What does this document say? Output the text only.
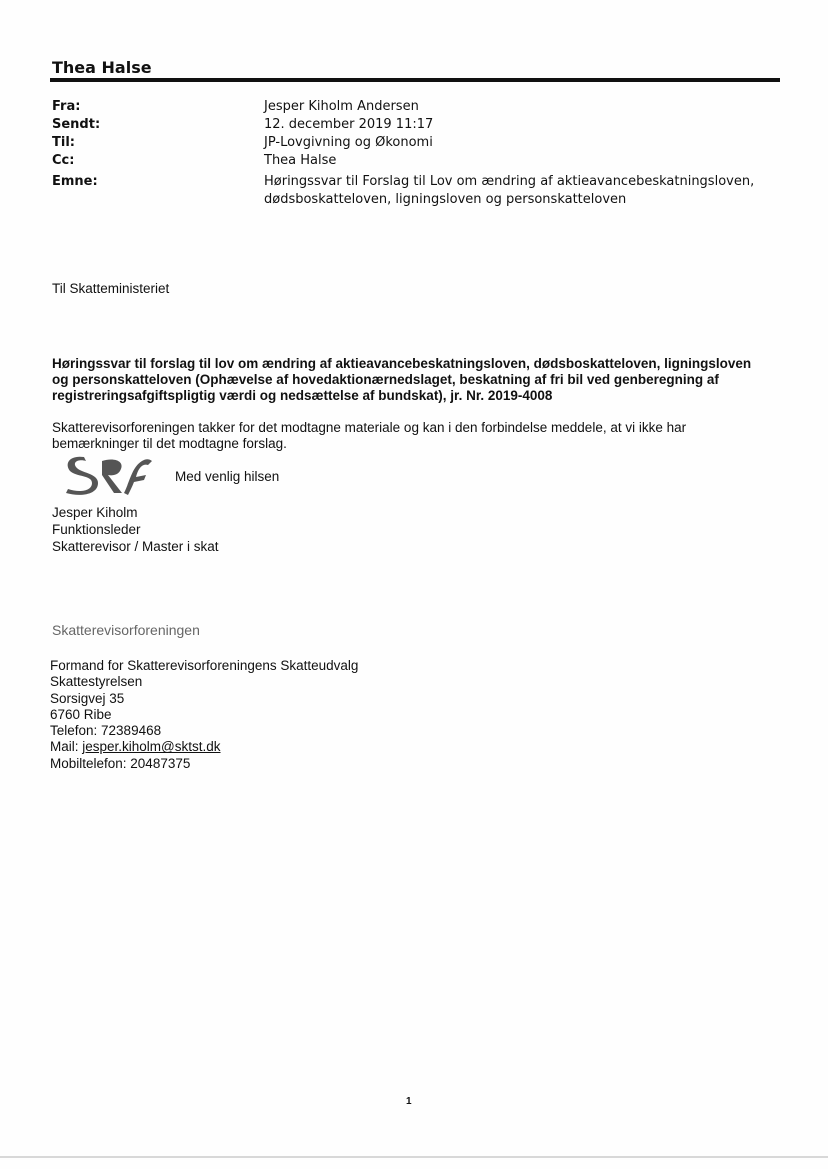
Thea Halse
Fra:	Jesper Kiholm Andersen
Sendt:	12. december 2019 11:17
Til:	JP-Lovgivning og Økonomi
Cc:	Thea Halse
Emne:	Høringssvar til Forslag til Lov om ændring af aktieavancebeskatningsloven,
dødsboskatteloven, ligningsloven og personskatteloven
Til Skatteministeriet
Høringssvar til forslag til lov om ændring af aktieavancebeskatningsloven, dødsboskatteloven, ligningsloven
og personskatteloven (Ophævelse af hovedaktionærnedslaget, beskatning af fri bil ved genberegning af
registreringsafgiftspligtig værdi og nedsættelse af bundskat), jr. Nr. 2019-4008
Skatterevisorforeningen takker for det modtagne materiale og kan i den forbindelse meddele, at vi ikke har
bemærkninger til det modtagne forslag.
Med venlig hilsen
Jesper Kiholm
Funktionsleder
Skatterevisor / Master i skat
Skatterevisorforeningen
Formand for Skatterevisorforeningens Skatteudvalg
Skattestyrelsen
Sorsigvej 35
6760 Ribe
Telefon: 72389468
Mail: jesper.kiholm@sktst.dk
Mobiltelefon: 20487375
1
